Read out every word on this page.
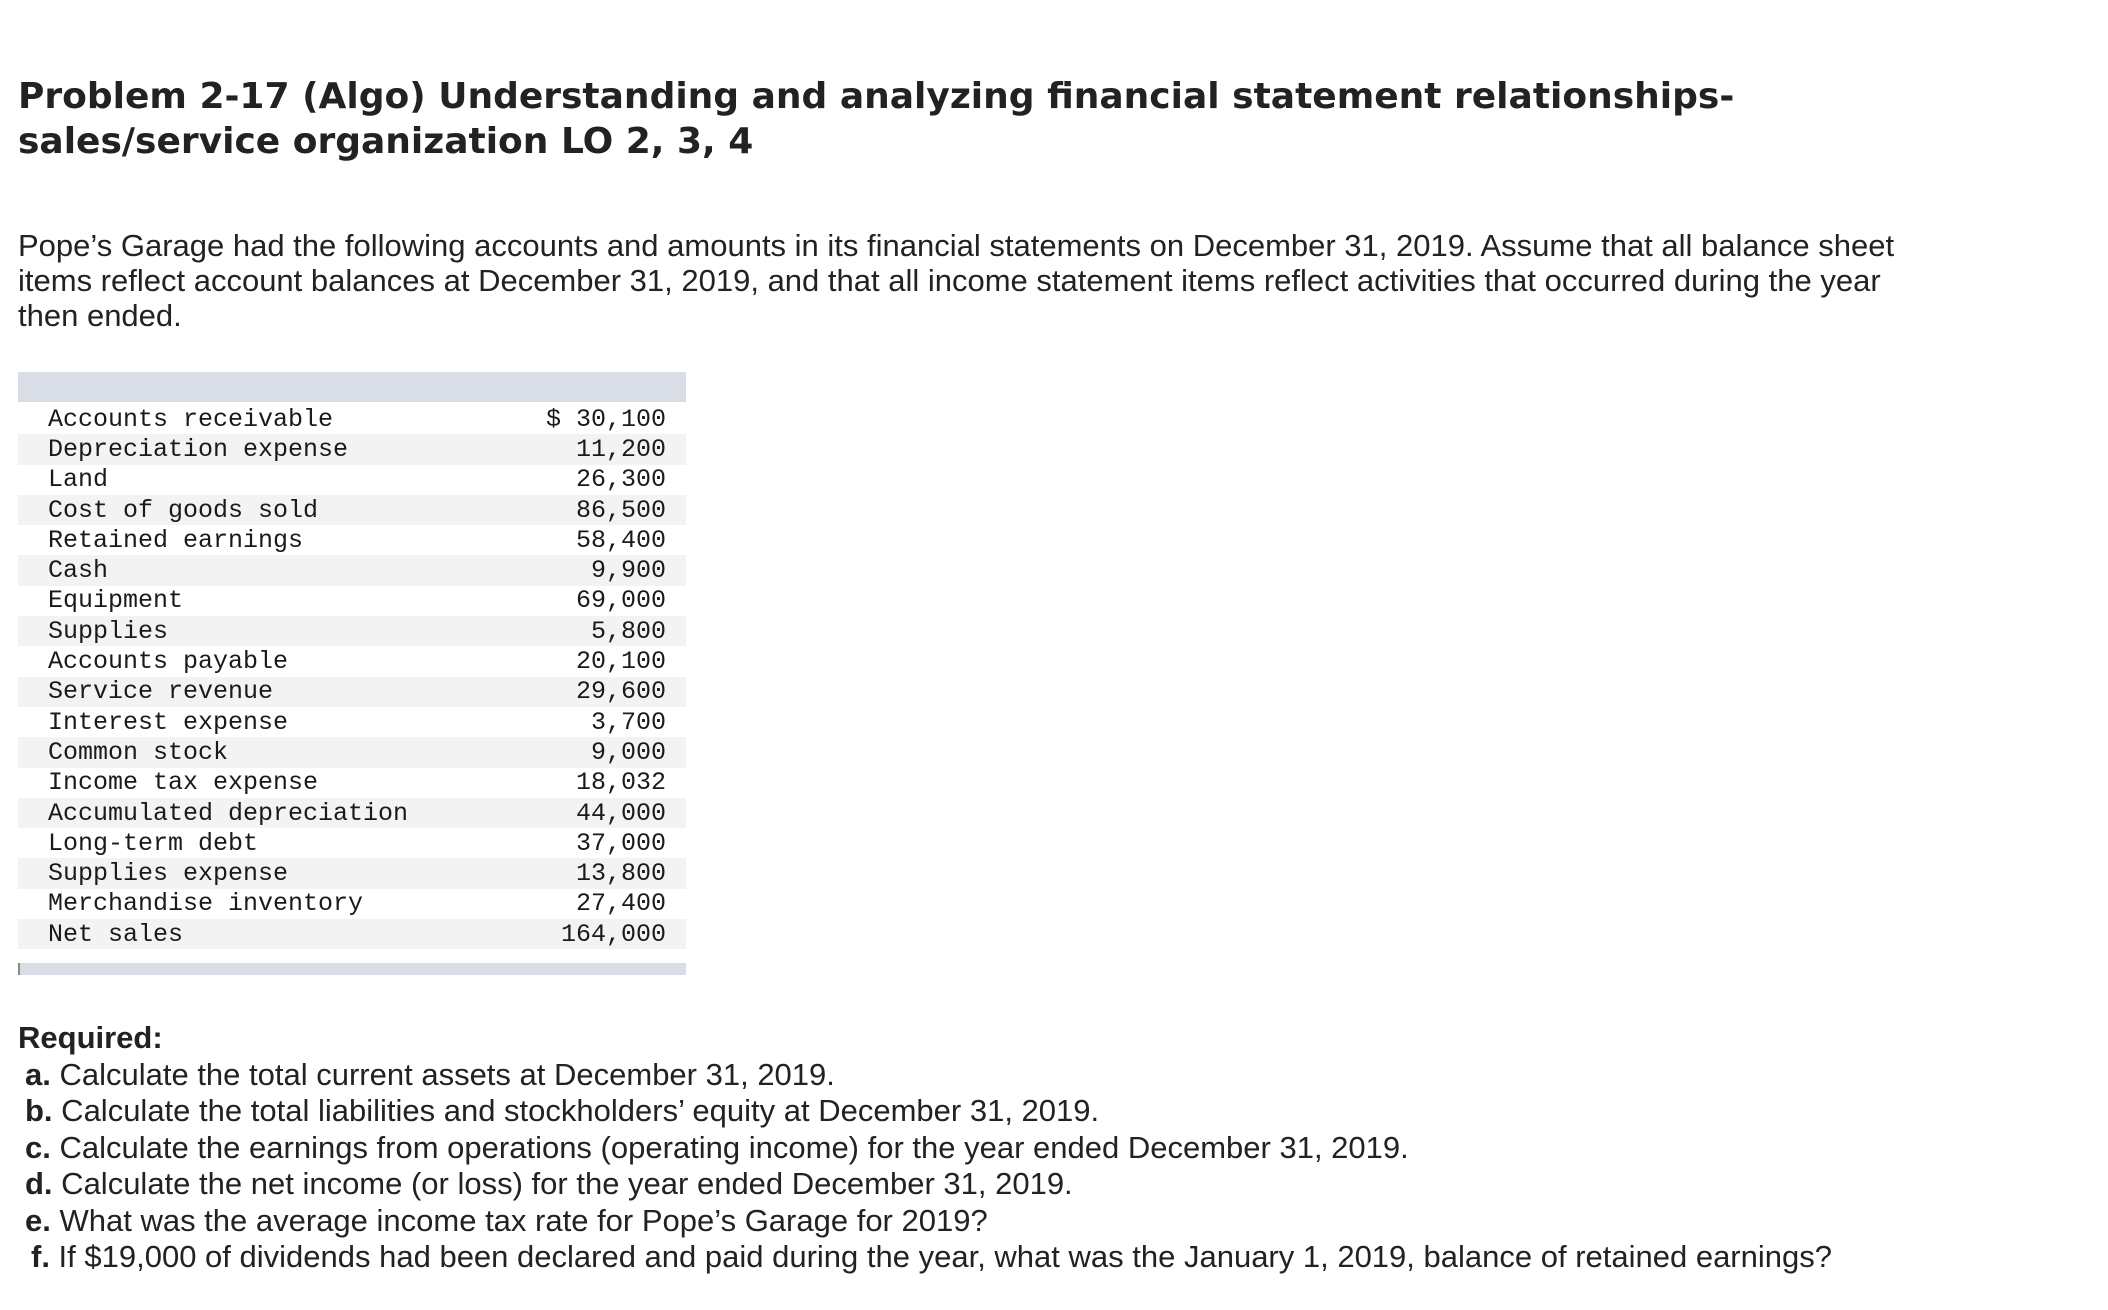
Problem 2-17 (Algo) Understanding and analyzing financial statement relationships-sales/service organization LO 2, 3, 4

Pope’s Garage had the following accounts and amounts in its financial statements on December 31, 2019. Assume that all balance sheet items reflect account balances at December 31, 2019, and that all income statement items reflect activities that occurred during the year then ended.

Accounts receivable	$ 30,100
Depreciation expense	11,200
Land	26,300
Cost of goods sold	86,500
Retained earnings	58,400
Cash	9,900
Equipment	69,000
Supplies	5,800
Accounts payable	20,100
Service revenue	29,600
Interest expense	3,700
Common stock	9,000
Income tax expense	18,032
Accumulated depreciation	44,000
Long-term debt	37,000
Supplies expense	13,800
Merchandise inventory	27,400
Net sales	164,000

Required:

a. Calculate the total current assets at December 31, 2019.

b. Calculate the total liabilities and stockholders’ equity at December 31, 2019.

c. Calculate the earnings from operations (operating income) for the year ended December 31, 2019.

d. Calculate the net income (or loss) for the year ended December 31, 2019.

e. What was the average income tax rate for Pope’s Garage for 2019?

f. If $19,000 of dividends had been declared and paid during the year, what was the January 1, 2019, balance of retained earnings?
